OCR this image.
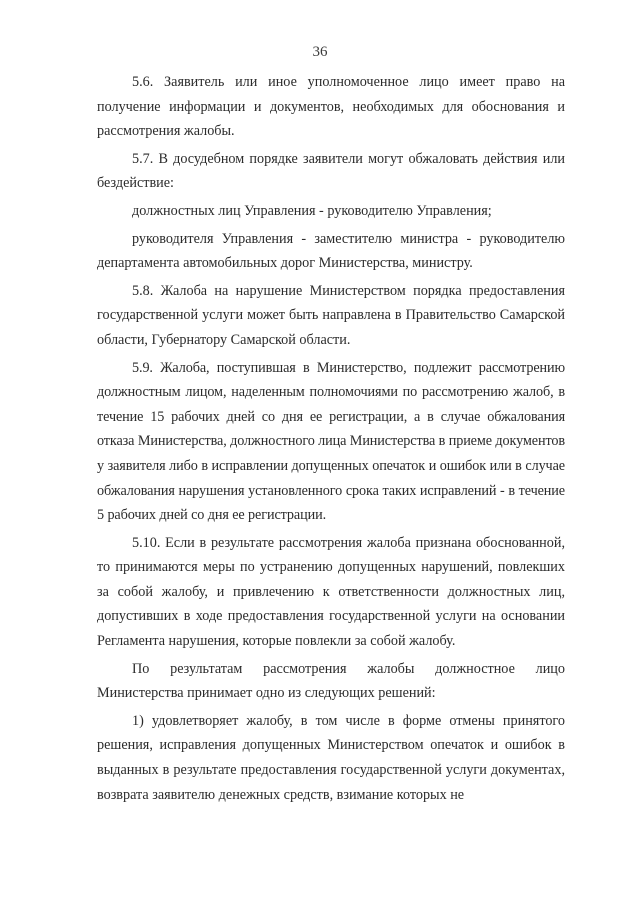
36

5.6. Заявитель или иное уполномоченное лицо имеет право на получение информации и документов, необходимых для обоснования и рассмотрения жалобы.

5.7. В досудебном порядке заявители могут обжаловать действия или бездействие:

должностных лиц Управления - руководителю Управления;

руководителя Управления - заместителю министра - руководителю департамента автомобильных дорог Министерства, министру.

5.8. Жалоба на нарушение Министерством порядка предоставления государственной услуги может быть направлена в Правительство Самарской области, Губернатору Самарской области.

5.9. Жалоба, поступившая в Министерство, подлежит рассмотрению должностным лицом, наделенным полномочиями по рассмотрению жалоб, в течение 15 рабочих дней со дня ее регистрации, а в случае обжалования отказа Министерства, должностного лица Министерства в приеме документов у заявителя либо в исправлении допущенных опечаток и ошибок или в случае обжалования нарушения установленного срока таких исправлений - в течение 5 рабочих дней со дня ее регистрации.

5.10. Если в результате рассмотрения жалоба признана обоснованной, то принимаются меры по устранению допущенных нарушений, повлекших за собой жалобу, и привлечению к ответственности должностных лиц, допустивших в ходе предоставления государственной услуги на основании Регламента нарушения, которые повлекли за собой жалобу.

По результатам рассмотрения жалобы должностное лицо Министерства принимает одно из следующих решений:

1) удовлетворяет жалобу, в том числе в форме отмены принятого решения, исправления допущенных Министерством опечаток и ошибок в выданных в результате предоставления государственной услуги документах, возврата заявителю денежных средств, взимание которых не
